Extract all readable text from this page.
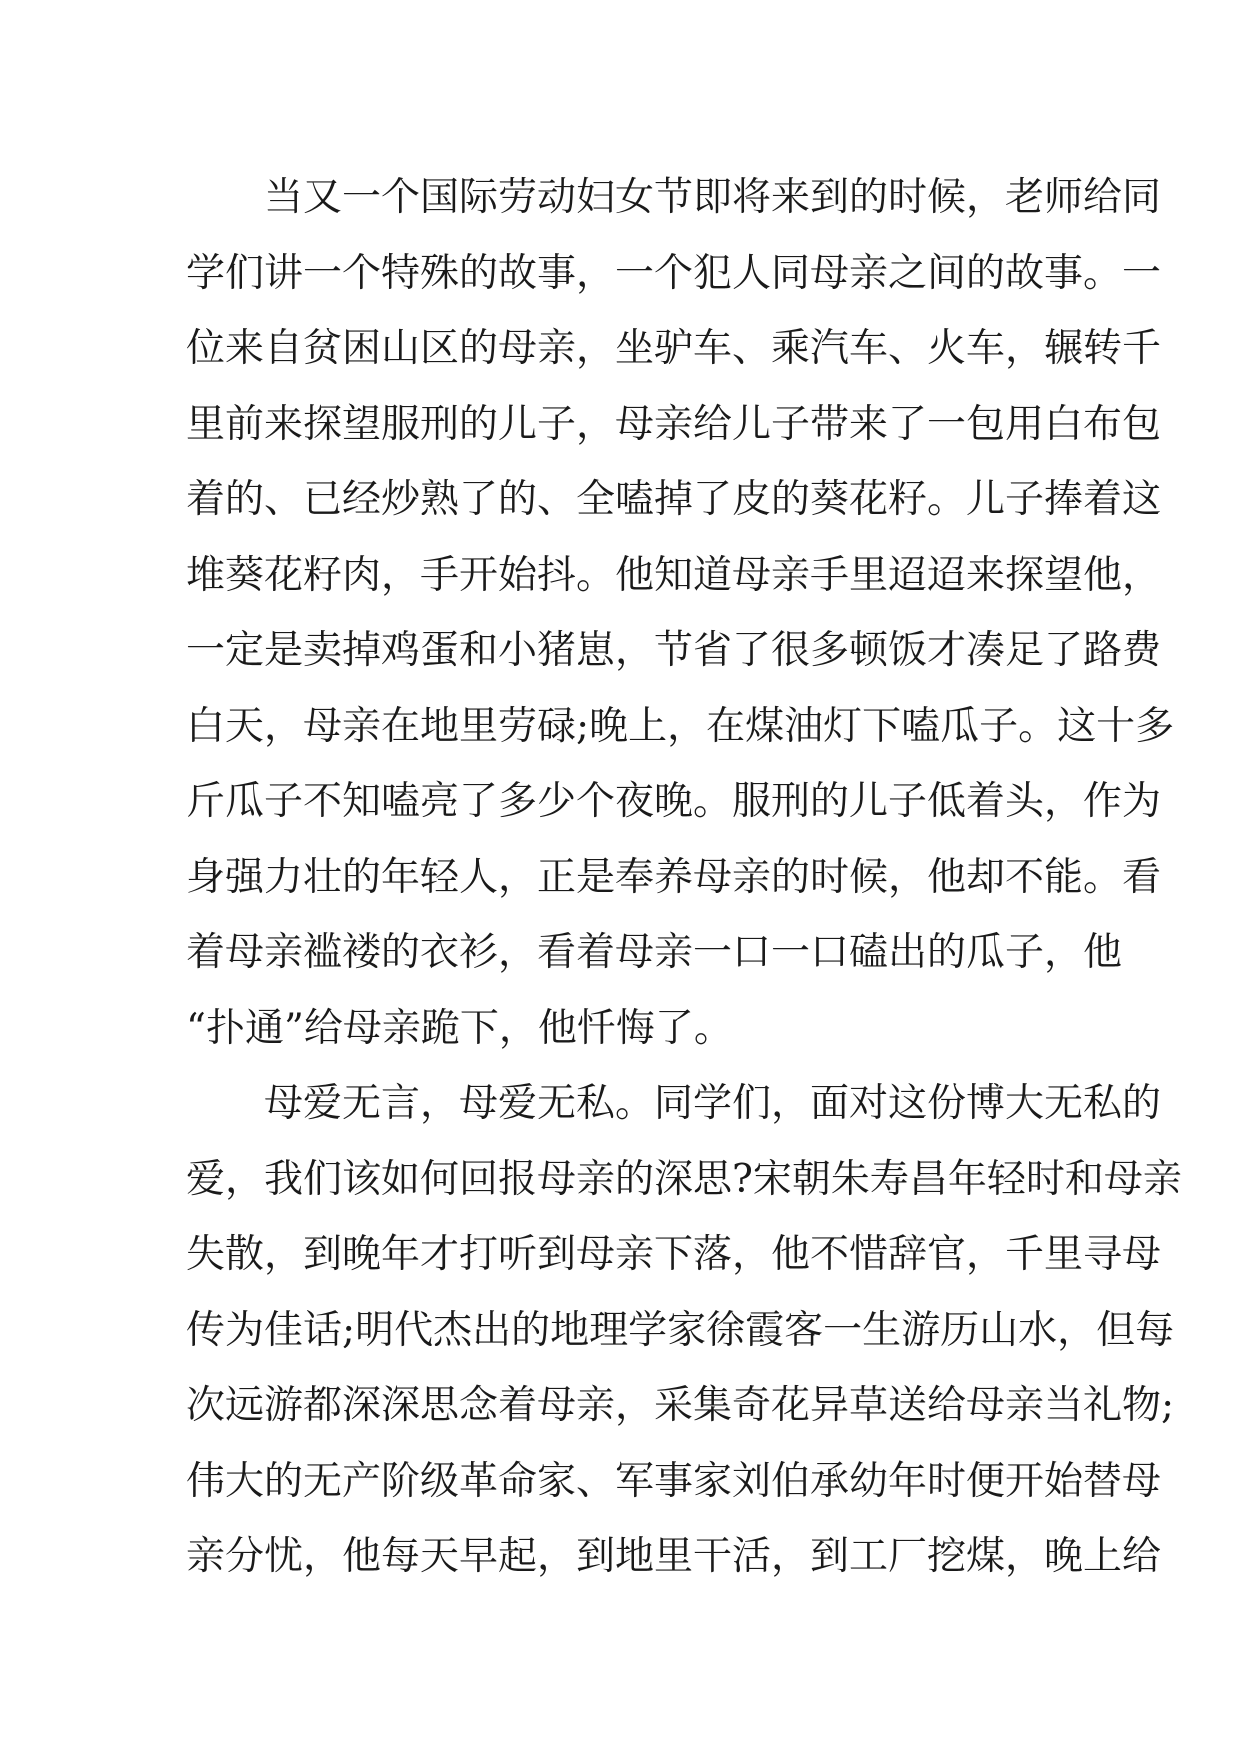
当又一个国际劳动妇女节即将来到的时候，老师给同
学们讲一个特殊的故事，一个犯人同母亲之间的故事。一
位来自贫困山区的母亲，坐驴车、乘汽车、火车，辗转千
里前来探望服刑的儿子，母亲给儿子带来了一包用白布包
着的、已经炒熟了的、全嗑掉了皮的葵花籽。儿子捧着这
堆葵花籽肉，手开始抖。他知道母亲手里迢迢来探望他，
一定是卖掉鸡蛋和小猪崽，节省了很多顿饭才凑足了路费
白天，母亲在地里劳碌;晚上，在煤油灯下嗑瓜子。这十多
斤瓜子不知嗑亮了多少个夜晚。服刑的儿子低着头，作为
身强力壮的年轻人，正是奉养母亲的时候，他却不能。看
着母亲褴褛的衣衫，看着母亲一口一口磕出的瓜子，他
“扑通”给母亲跪下，他忏悔了。
母爱无言，母爱无私。同学们，面对这份博大无私的
爱，我们该如何回报母亲的深思?宋朝朱寿昌年轻时和母亲
失散，到晚年才打听到母亲下落，他不惜辞官，千里寻母
传为佳话;明代杰出的地理学家徐霞客一生游历山水，但每
次远游都深深思念着母亲，采集奇花异草送给母亲当礼物;
伟大的无产阶级革命家、军事家刘伯承幼年时便开始替母
亲分忧，他每天早起，到地里干活，到工厂挖煤，晚上给
